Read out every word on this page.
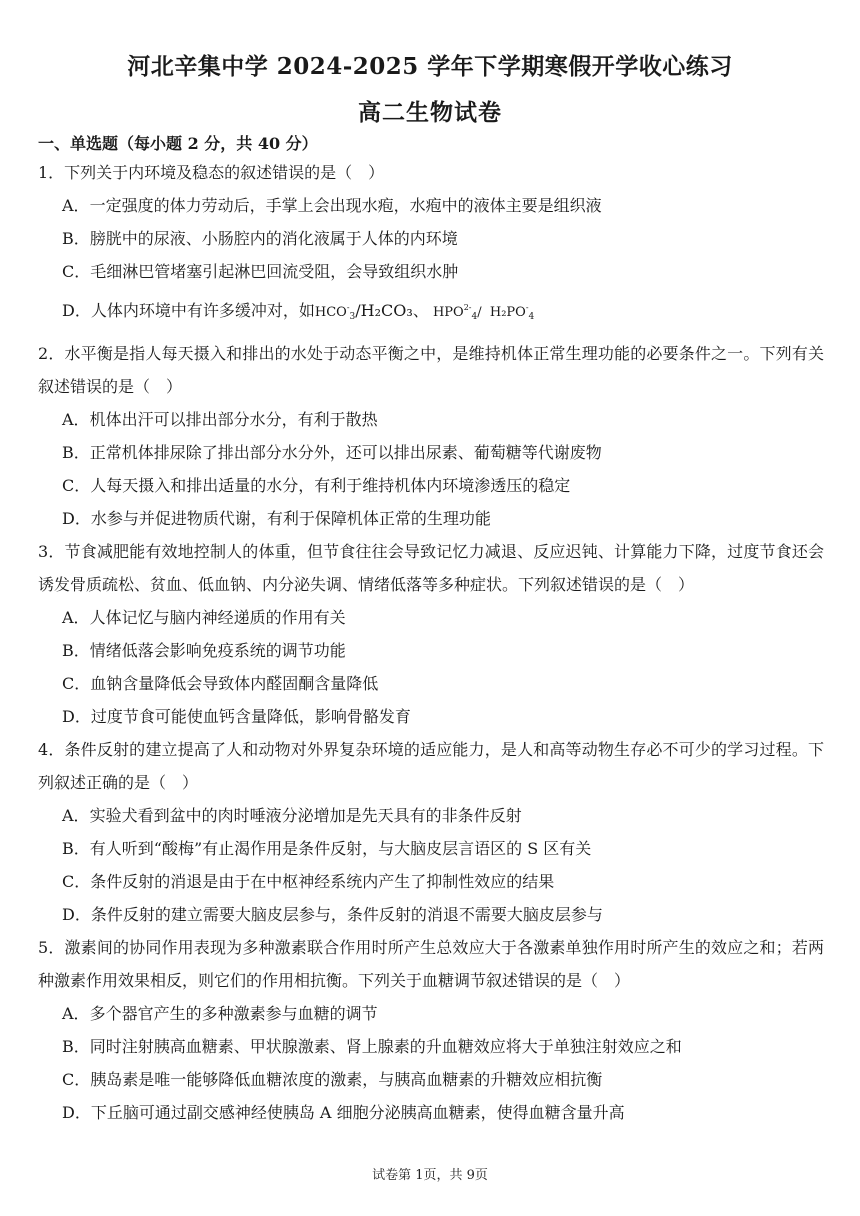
河北辛集中学 2024-2025 学年下学期寒假开学收心练习
高二生物试卷
一、单选题（每小题 2 分，共 40 分）

1．下列关于内环境及稳态的叙述错误的是（　）

A．一定强度的体力劳动后，手掌上会出现水疱，水疱中的液体主要是组织液
B．膀胱中的尿液、小肠腔内的消化液属于人体的内环境
C．毛细淋巴管堵塞引起淋巴回流受阻，会导致组织水肿
D．人体内环境中有许多缓冲对，如$HCO^-_3$/H₂CO₃、 $HPO^{2-}_4/$  $H_2PO^-_4$

2．水平衡是指人每天摄入和排出的水处于动态平衡之中，是维持机体正常生理功能的必要条件之一。下列有关叙述错误的是（　）

A．机体出汗可以排出部分水分，有利于散热
B．正常机体排尿除了排出部分水分外，还可以排出尿素、葡萄糖等代谢废物
C．人每天摄入和排出适量的水分，有利于维持机体内环境渗透压的稳定
D．水参与并促进物质代谢，有利于保障机体正常的生理功能

3．节食减肥能有效地控制人的体重，但节食往往会导致记忆力减退、反应迟钝、计算能力下降，过度节食还会诱发骨质疏松、贫血、低血钠、内分泌失调、情绪低落等多种症状。下列叙述错误的是（　）

A．人体记忆与脑内神经递质的作用有关
B．情绪低落会影响免疫系统的调节功能
C．血钠含量降低会导致体内醛固酮含量降低
D．过度节食可能使血钙含量降低，影响骨骼发育

4．条件反射的建立提高了人和动物对外界复杂环境的适应能力，是人和高等动物生存必不可少的学习过程。下列叙述正确的是（　）

A．实验犬看到盆中的肉时唾液分泌增加是先天具有的非条件反射
B．有人听到“酸梅”有止渴作用是条件反射，与大脑皮层言语区的 S 区有关
C．条件反射的消退是由于在中枢神经系统内产生了抑制性效应的结果
D．条件反射的建立需要大脑皮层参与，条件反射的消退不需要大脑皮层参与

5．激素间的协同作用表现为多种激素联合作用时所产生总效应大于各激素单独作用时所产生的效应之和；若两种激素作用效果相反，则它们的作用相抗衡。下列关于血糖调节叙述错误的是（　）

A．多个器官产生的多种激素参与血糖的调节
B．同时注射胰高血糖素、甲状腺激素、肾上腺素的升血糖效应将大于单独注射效应之和
C．胰岛素是唯一能够降低血糖浓度的激素，与胰高血糖素的升糖效应相抗衡
D．下丘脑可通过副交感神经使胰岛 A 细胞分泌胰高血糖素，使得血糖含量升高
试卷第 1页，共 9页
